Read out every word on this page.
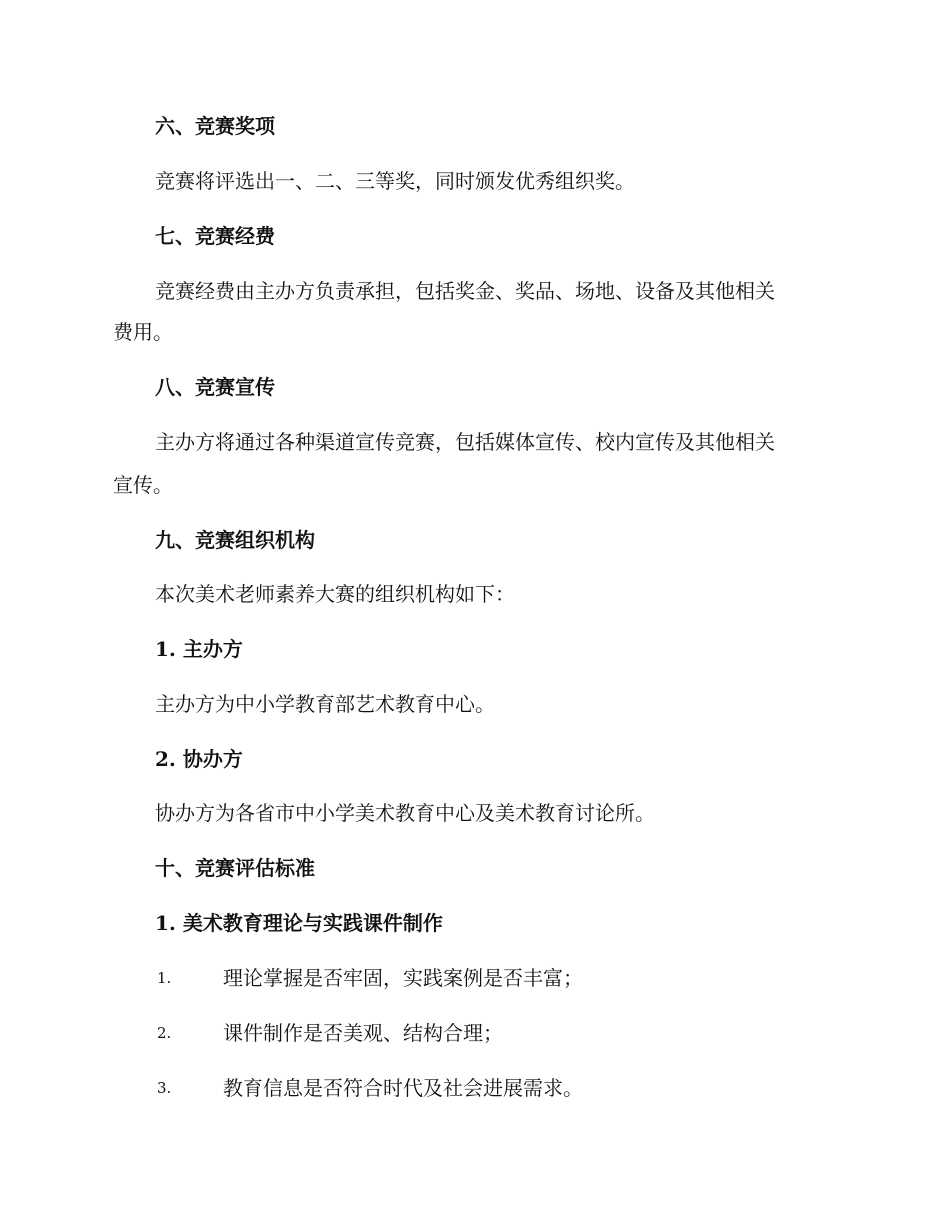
六、竞赛奖项
竞赛将评选出一、二、三等奖，同时颁发优秀组织奖。
七、竞赛经费
竞赛经费由主办方负责承担，包括奖金、奖品、场地、设备及其他相关
费用。
八、竞赛宣传
主办方将通过各种渠道宣传竞赛，包括媒体宣传、校内宣传及其他相关
宣传。
九、竞赛组织机构
本次美术老师素养大赛的组织机构如下：
1. 主办方
主办方为中小学教育部艺术教育中心。
2. 协办方
协办方为各省市中小学美术教育中心及美术教育讨论所。
十、竞赛评估标准
1. 美术教育理论与实践课件制作
1.	理论掌握是否牢固，实践案例是否丰富；
2.	课件制作是否美观、结构合理；
3.	教育信息是否符合时代及社会进展需求。
